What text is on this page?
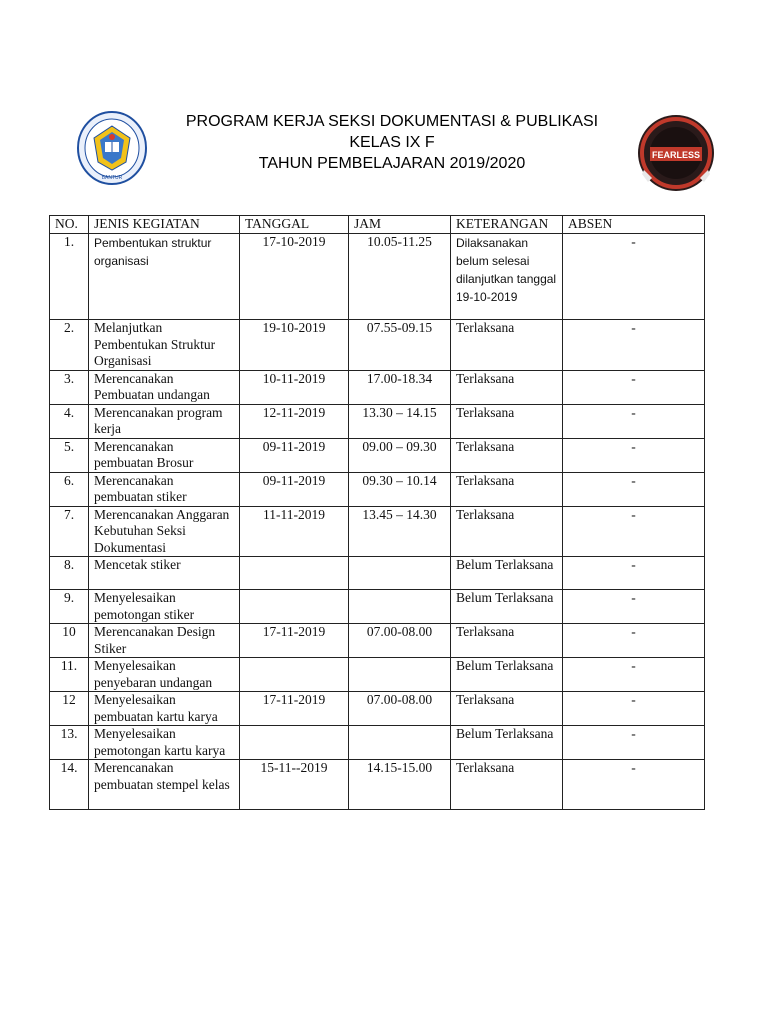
BANTUR
PROGRAM KERJA SEKSI DOKUMENTASI & PUBLIKASI
KELAS IX F
TAHUN PEMBELAJARAN 2019/2020	FEARLESS
NO.	JENIS KEGIATAN	TANGGAL	JAM	KETERANGAN	ABSEN
1.	Pembentukan struktur organisasi	17-10-2019	10.05-11.25	Dilaksanakan belum selesai dilanjutkan tanggal 19-10-2019	-
2.	Melanjutkan Pembentukan Struktur Organisasi	19-10-2019	07.55-09.15	Terlaksana	-
3.	Merencanakan Pembuatan undangan	10-11-2019	17.00-18.34	Terlaksana	-
4.	Merencanakan program kerja	12-11-2019	13.30 – 14.15	Terlaksana	-
5.	Merencanakan pembuatan Brosur	09-11-2019	09.00 – 09.30	Terlaksana	-
6.	Merencanakan pembuatan stiker	09-11-2019	09.30 – 10.14	Terlaksana	-
7.	Merencanakan Anggaran Kebutuhan Seksi Dokumentasi	11-11-2019	13.45 – 14.30	Terlaksana	-
8.	Mencetak stiker			Belum Terlaksana	-
9.	Menyelesaikan pemotongan stiker			Belum Terlaksana	-
10	Merencanakan Design Stiker	17-11-2019	07.00-08.00	Terlaksana	-
11.	Menyelesaikan penyebaran undangan			Belum Terlaksana	-
12	Menyelesaikan pembuatan kartu karya	17-11-2019	07.00-08.00	Terlaksana	-
13.	Menyelesaikan pemotongan kartu karya			Belum Terlaksana	-
14.	Merencanakan pembuatan stempel kelas	15-11--2019	14.15-15.00	Terlaksana	-
